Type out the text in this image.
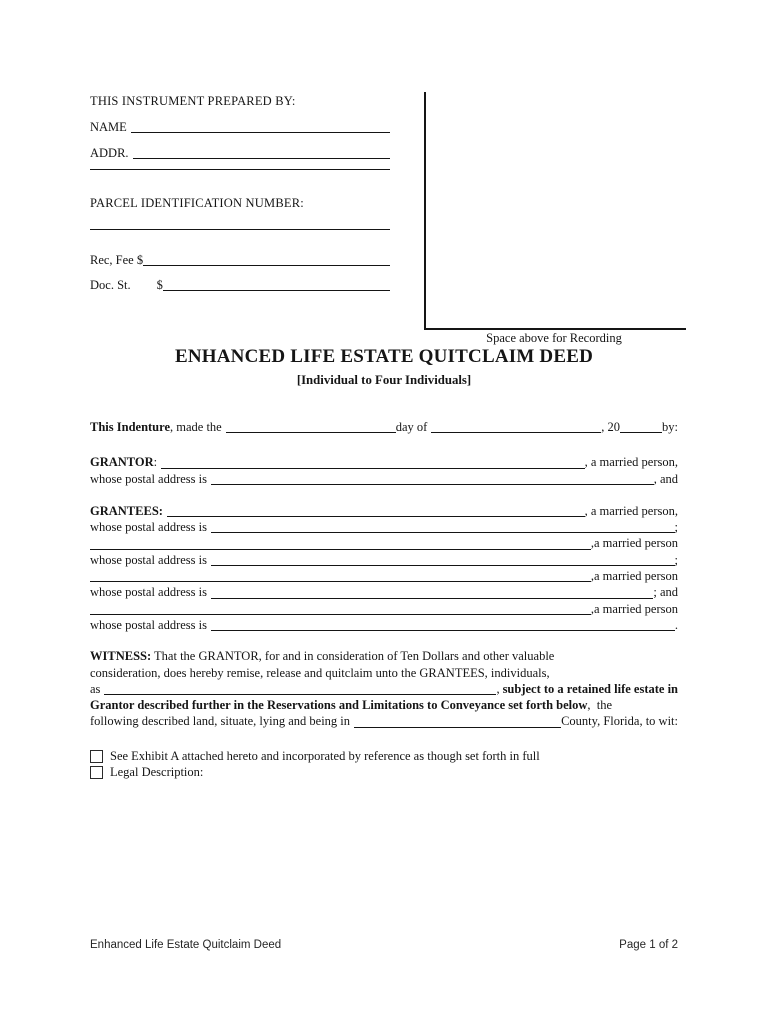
THIS INSTRUMENT PREPARED BY:
NAME
ADDR.
PARCEL IDENTIFICATION NUMBER:
Rec, Fee $
Doc. St. $
Space above for Recording
ENHANCED LIFE ESTATE QUITCLAIM DEED
[Individual to Four Individuals]
This Indenture, made the	day of	, 20	by:
GRANTOR:	, a married person,
whose postal address is	, and
GRANTEES:	, a married person,
whose postal address is	;
,a married person
whose postal address is	;
,a married person
whose postal address is	; and
,a married person
whose postal address is	.
WITNESS: That the GRANTOR, for and in consideration of Ten Dollars and other valuable
consideration, does hereby remise, release and quitclaim unto the GRANTEES, individuals,
as	, subject to a retained life estate in
Grantor described further in the Reservations and Limitations to Conveyance set forth below,  the
following described land, situate, lying and being in	County, Florida, to wit:
See Exhibit A attached hereto and incorporated by reference as though set forth in full
Legal Description:
Enhanced Life Estate Quitclaim Deed	Page 1 of 2
